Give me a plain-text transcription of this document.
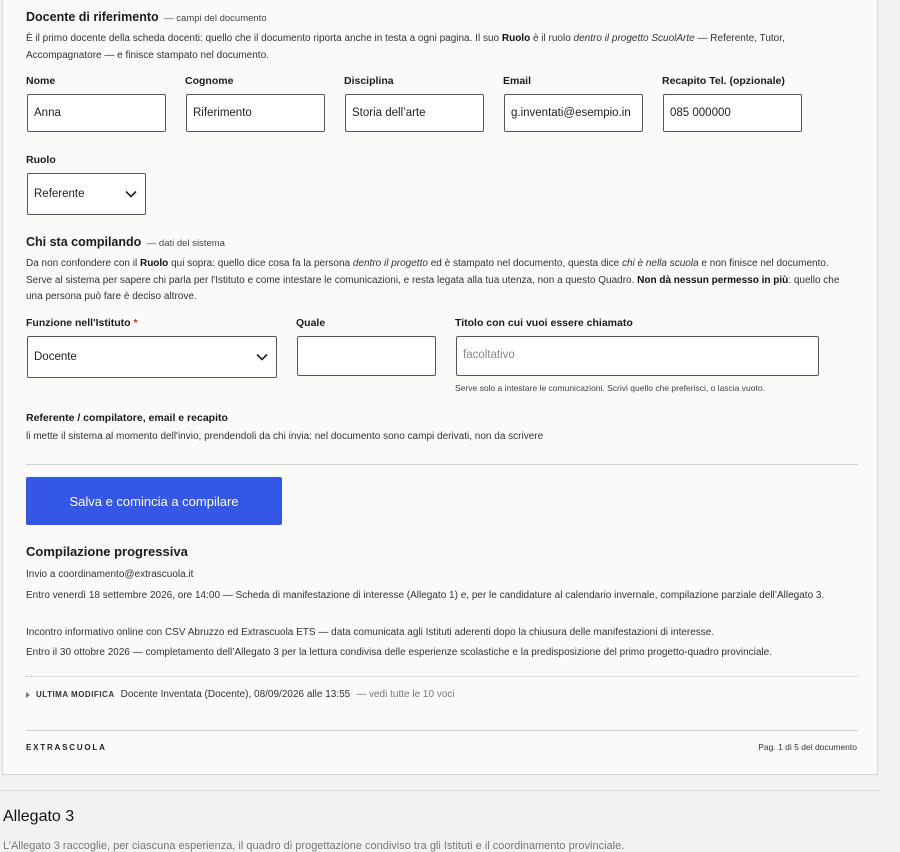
Docente di riferimento — campi del documento
È il primo docente della scheda docenti: quello che il documento riporta anche in testa a ogni pagina. Il suo Ruolo è il ruolo dentro il progetto ScuolArte — Referente, Tutor, Accompagnatore — e finisce stampato nel documento.
Nome
Anna
Cognome
Riferimento
Disciplina
Storia dell’arte
Email
g.inventati@esempio.in
Recapito Tel. (opzionale)
085 000000
Ruolo
Referente
Chi sta compilando — dati del sistema
Da non confondere con il Ruolo qui sopra: quello dice cosa fa la persona dentro il progetto ed è stampato nel documento, questa dice chi è nella scuola e non finisce nel documento. Serve al sistema per sapere chi parla per l'Istituto e come intestare le comunicazioni, e resta legata alla tua utenza, non a questo Quadro. Non dà nessun permesso in più: quello che una persona può fare è deciso altrove.
Funzione nell'Istituto *
Docente
Quale	Titolo con cui vuoi essere chiamato
facoltativo
Serve solo a intestare le comunicazioni. Scrivi quello che preferisci, o lascia vuoto.
Referente / compilatore, email e recapito
li mette il sistema al momento dell'invio, prendendoli da chi invia: nel documento sono campi derivati, non da scrivere
Salva e comincia a compilare
Compilazione progressiva
Invio a coordinamento@extrascuola.it
Entro venerdì 18 settembre 2026, ore 14:00 — Scheda di manifestazione di interesse (Allegato 1) e, per le candidature al calendario invernale, compilazione parziale dell’Allegato 3.
Incontro informativo online con CSV Abruzzo ed Extrascuola ETS — data comunicata agli Istituti aderenti dopo la chiusura delle manifestazioni di interesse.
Entro il 30 ottobre 2026 — completamento dell’Allegato 3 per la lettura condivisa delle esperienze scolastiche e la predisposizione del primo progetto-quadro provinciale.
ULTIMA MODIFICA Docente Inventata (Docente), 08/09/2026 alle 13:55 — vedi tutte le 10 voci
EXTRASCUOLA	Pag. 1 di 5 del documento
Allegato 3
L’Allegato 3 raccoglie, per ciascuna esperienza, il quadro di progettazione condiviso tra gli Istituti e il coordinamento provinciale.
